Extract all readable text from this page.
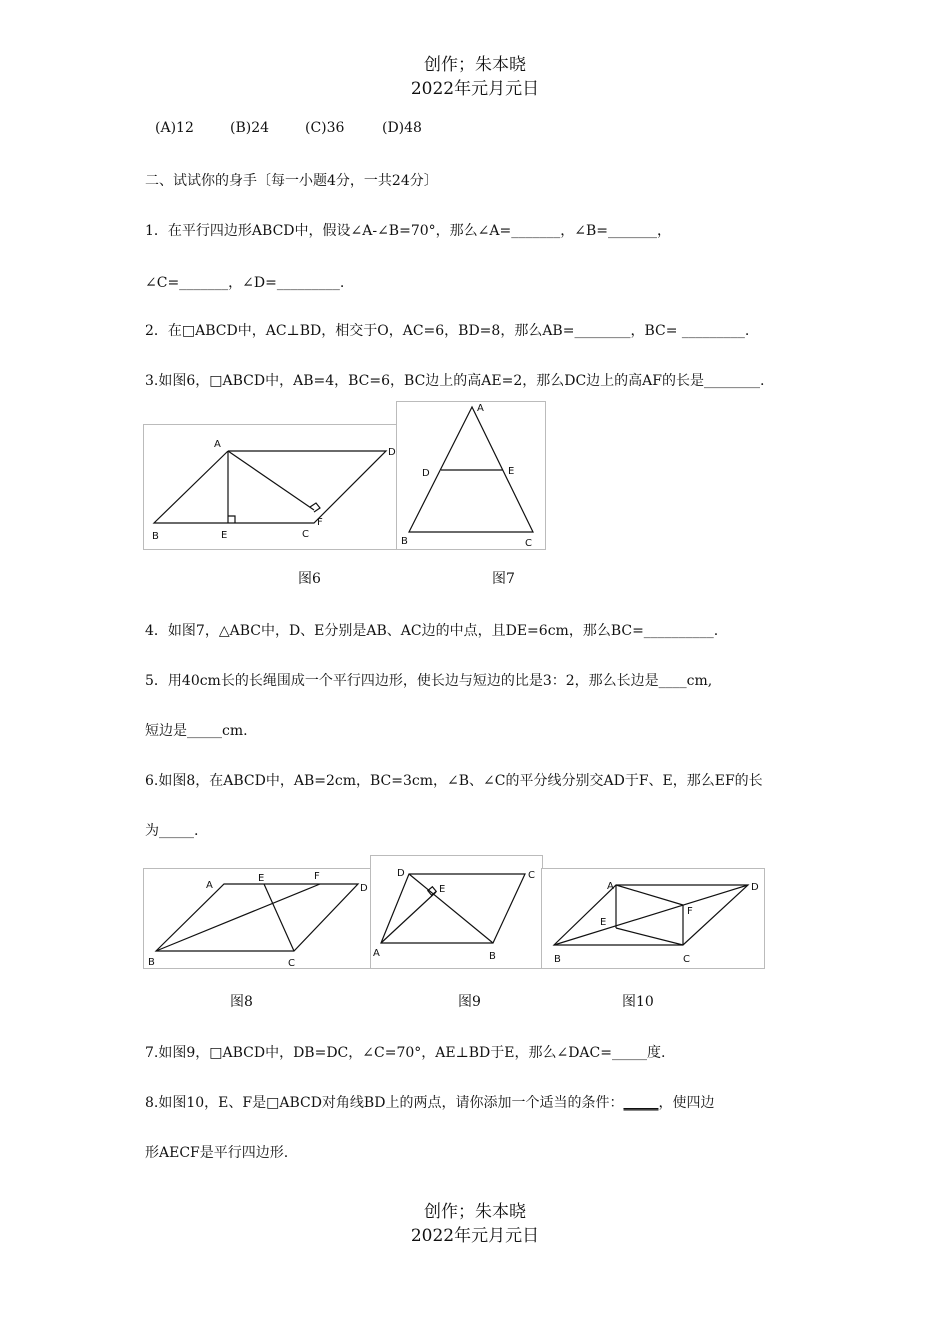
创作；朱本晓
2022年元月元日
(A)12	(B)24	(C)36	(D)48
二、试试你的身手〔每一小题4分，一共24分〕
1．在平行四边形ABCD中，假设∠A-∠B=70°，那么∠A=_______，∠B=_______，
∠C=_______，∠D=_________.
2．在□ABCD中，AC⊥BD，相交于O，AC=6，BD=8，那么AB=________，BC= _________.
3.如图6，□ABCD中，AB=4，BC=6，BC边上的高AE=2，那么DC边上的高AF的长是________.
A
D
B	E	C
F
A
D	E
B	C
图6	图7
4．如图7，△ABC中，D、E分别是AB、AC边的中点，且DE=6cm，那么BC=__________.
5．用40cm长的长绳围成一个平行四边形，使长边与短边的比是3：2，那么长边是____cm,
短边是_____cm.
6.如图8，在ABCD中，AB=2cm，BC=3cm，∠B、∠C的平分线分别交AD于F、E，那么EF的长
为_____.
A
E	F
D
B	C
D	C
E
A	B
A	D
F
E
B	C
图8	图9	图10
7.如图9，□ABCD中，DB=DC，∠C=70°，AE⊥BD于E，那么∠DAC=_____度.
8.如图10，E、F是□ABCD对角线BD上的两点，请你添加一个适当的条件：_____，使四边
形AECF是平行四边形.
创作；朱本晓
2022年元月元日
